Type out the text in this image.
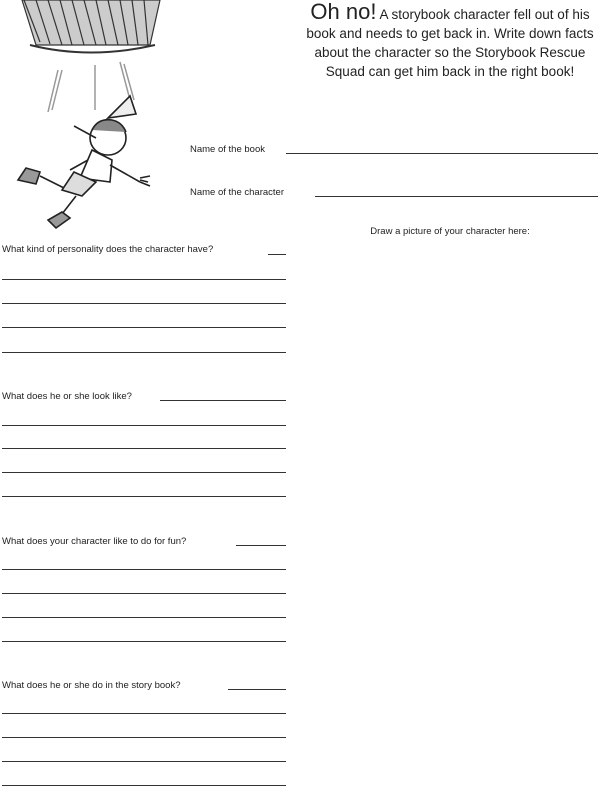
Oh no! A storybook character fell out of his book and needs to get back in. Write down facts about the character so the Storybook Rescue Squad can get him back in the right book!
Name of the book
Name of the character
Draw a picture of your character here:
What kind of personality does the character have?
What does he or she look like?
What does your character like to do for fun?
What does he or she do in the story book?
